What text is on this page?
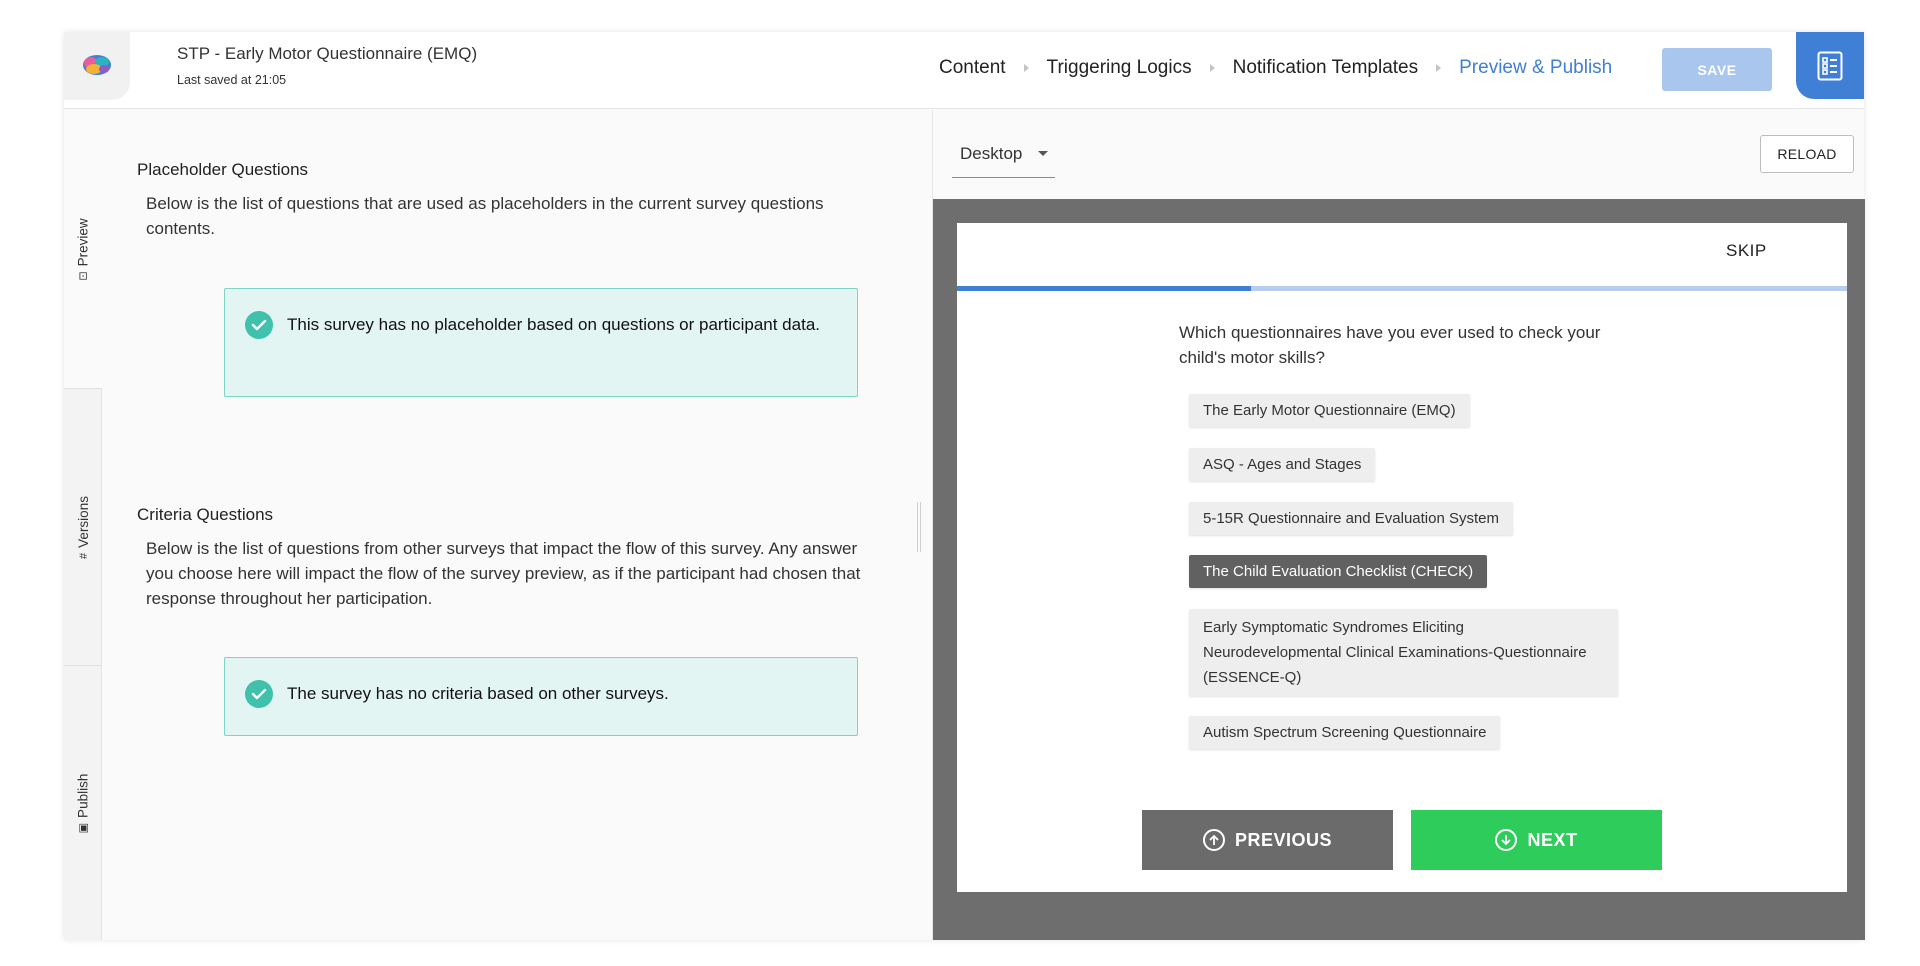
STP - Early Motor Questionnaire (EMQ)
Last saved at 21:05
Content Triggering Logics Notification Templates Preview & Publish	SAVE
⊡
Preview
#
Versions
▣
Publish
Placeholder Questions
Below is the list of questions that are used as placeholders in the current survey questions contents.
This survey has no placeholder based on questions or participant data.
Criteria Questions
Below is the list of questions from other surveys that impact the flow of this survey. Any answer you choose here will impact the flow of the survey preview, as if the participant had chosen that response throughout her participation.
The survey has no criteria based on other surveys.
Desktop	RELOAD
SKIP
Which questionnaires have you ever used to check your child's motor skills?
The Early Motor Questionnaire (EMQ)
ASQ - Ages and Stages
5-15R Questionnaire and Evaluation System
The Child Evaluation Checklist (CHECK)
Early Symptomatic Syndromes Eliciting Neurodevelopmental Clinical Examinations-Questionnaire (ESSENCE-Q)
Autism Spectrum Screening Questionnaire
PREVIOUS	NEXT
